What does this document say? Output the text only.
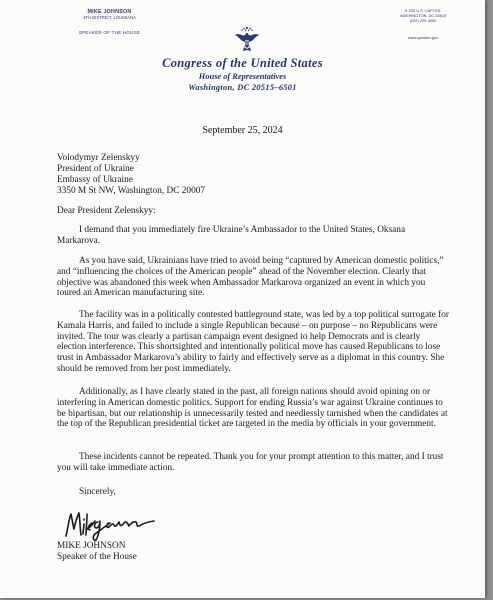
MIKE JOHNSON
4TH DISTRICT, LOUISIANA
SPEAKER OF THE HOUSE
H-232 U.S. CAPITOL
WASHINGTON, DC 20515
(202) 225-4000
www.speaker.gov
Congress of the United States
House of Representatives
Washington, DC 20515–6501
September 25, 2024
Volodymyr Zelenskyy
President of Ukraine
Embassy of Ukraine
3350 M St NW, Washington, DC 20007
Dear President Zelenskyy:
I demand that you immediately fire Ukraine’s Ambassador to the United States, Oksana Markarova.
As you have said, Ukrainians have tried to avoid being “captured by American domestic politics,” and “influencing the choices of the American people” ahead of the November election. Clearly that objective was abandoned this week when Ambassador Markarova organized an event in which you toured an American manufacturing site.
The facility was in a politically contested battleground state, was led by a top political surrogate for Kamala Harris, and failed to include a single Republican because – on purpose – no Republicans were invited. The tour was clearly a partisan campaign event designed to help Democrats and is clearly election interference. This shortsighted and intentionally political move has caused Republicans to lose trust in Ambassador Markarova’s ability to fairly and effectively serve as a diplomat in this country. She should be removed from her post immediately.
Additionally, as I have clearly stated in the past, all foreign nations should avoid opining on or interfering in American domestic politics. Support for ending Russia’s war against Ukraine continues to be bipartisan, but our relationship is unnecessarily tested and needlessly tarnished when the candidates at the top of the Republican presidential ticket are targeted in the media by officials in your government.
These incidents cannot be repeated. Thank you for your prompt attention to this matter, and I trust you will take immediate action.
Sincerely,
MIKE JOHNSON
Speaker of the House
